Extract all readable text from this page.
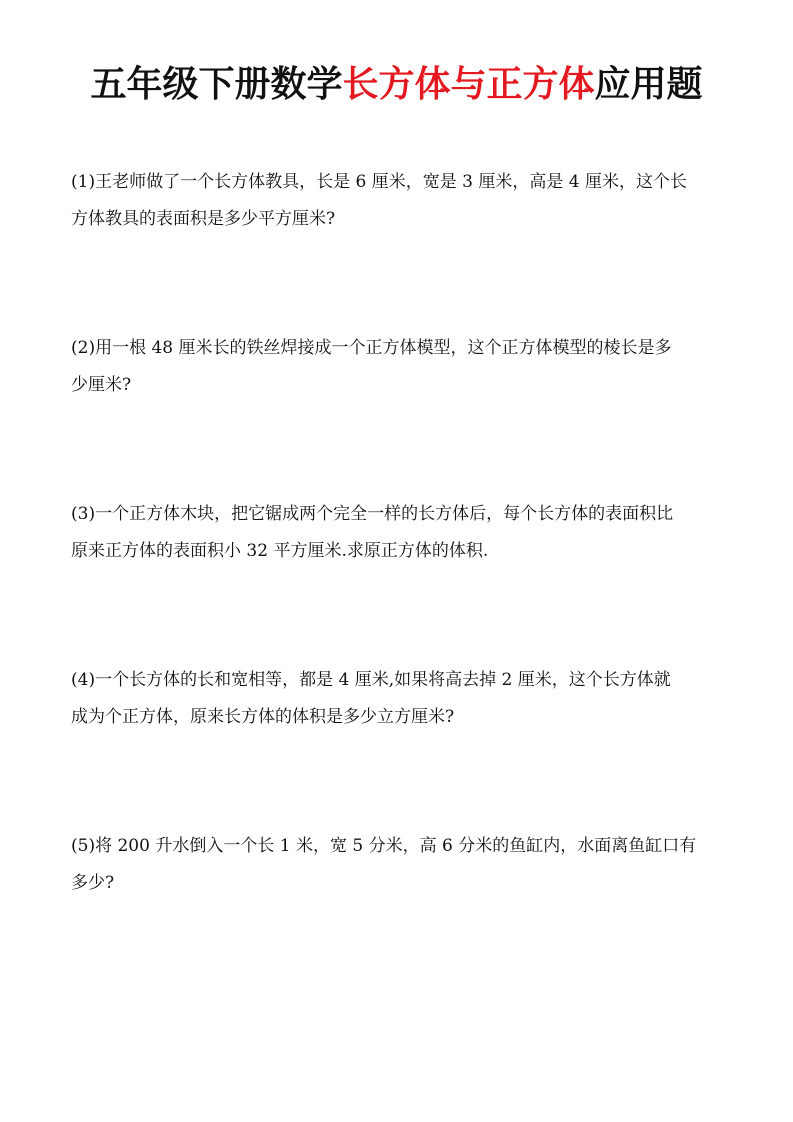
五年级下册数学长方体与正方体应用题
(1)王老师做了一个长方体教具，长是 6 厘米，宽是 3 厘米，高是 4 厘米，这个长
方体教具的表面积是多少平方厘米?
(2)用一根 48 厘米长的铁丝焊接成一个正方体模型，这个正方体模型的棱长是多
少厘米?
(3)一个正方体木块，把它锯成两个完全一样的长方体后，每个长方体的表面积比
原来正方体的表面积小 32 平方厘米.求原正方体的体积.
(4)一个长方体的长和宽相等，都是 4 厘米,如果将高去掉 2 厘米，这个长方体就
成为个正方体，原来长方体的体积是多少立方厘米?
(5)将 200 升水倒入一个长 1 米，宽 5 分米，高 6 分米的鱼缸内，水面离鱼缸口有
多少?
